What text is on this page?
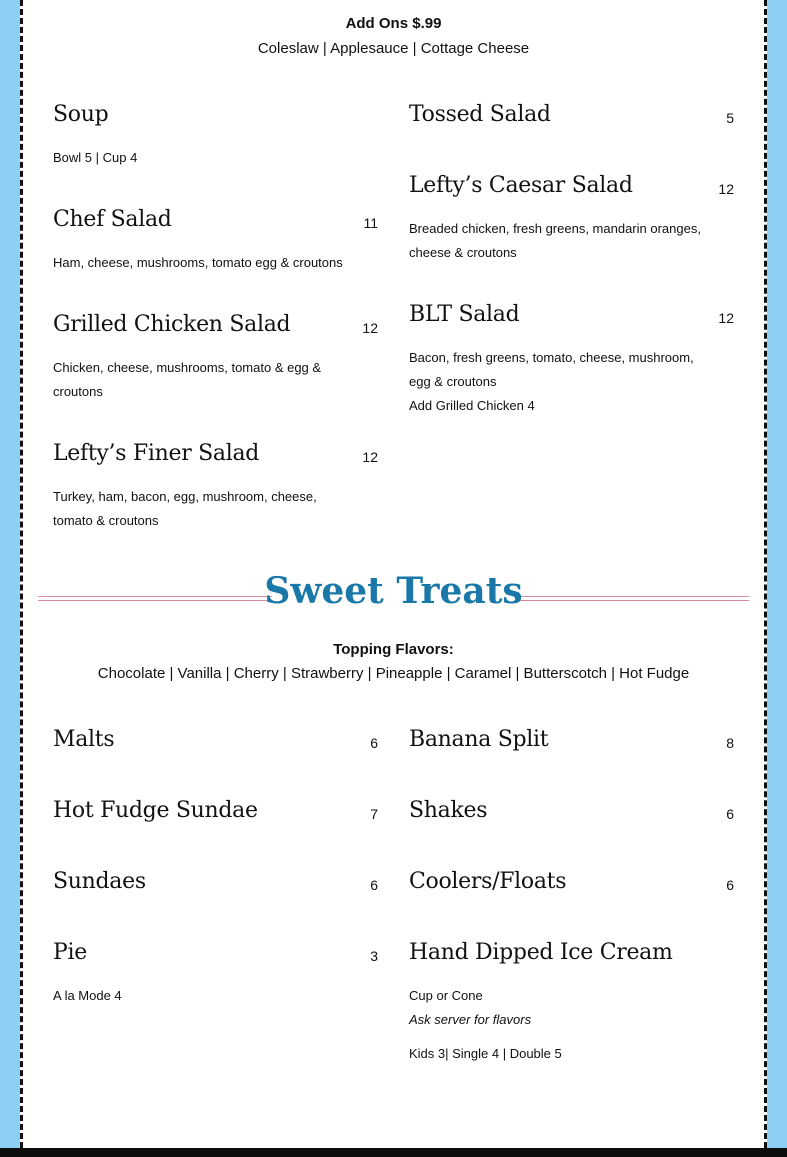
Add Ons $.99
Coleslaw | Applesauce | Cottage Cheese
Soup
Bowl 5 | Cup 4
Chef Salad	11
Ham, cheese, mushrooms, tomato egg & croutons
Grilled Chicken Salad	12
Chicken, cheese, mushrooms, tomato & egg &
croutons
Lefty’s Finer Salad	12
Turkey, ham, bacon, egg, mushroom, cheese,
tomato & croutons
Tossed Salad	5
Lefty’s Caesar Salad	12
Breaded chicken, fresh greens, mandarin oranges,
cheese & croutons
BLT Salad	12
Bacon, fresh greens, tomato, cheese, mushroom,
egg & croutons
Add Grilled Chicken 4
Sweet Treats
Topping Flavors:
Chocolate | Vanilla | Cherry | Strawberry | Pineapple | Caramel | Butterscotch | Hot Fudge
Malts	6
Hot Fudge Sundae	7
Sundaes	6
Pie	3
A la Mode 4
Banana Split	8
Shakes	6
Coolers/Floats	6
Hand Dipped Ice Cream
Cup or Cone
Ask server for flavors
Kids 3| Single 4 | Double 5
